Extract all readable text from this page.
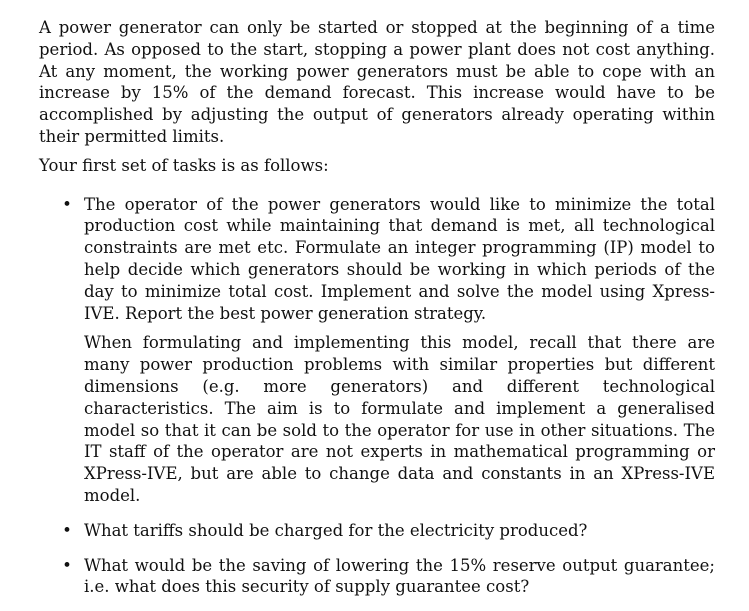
A power generator can only be started or stopped at the beginning of a time period. As opposed to the start, stopping a power plant does not cost anything. At any moment, the working power generators must be able to cope with an increase by 15% of the demand forecast. This increase would have to be accomplished by adjusting the output of generators already operating within their permitted limits.

Your first set of tasks is as follows:

• The operator of the power generators would like to minimize the total production cost while maintaining that demand is met, all technological constraints are met etc. Formulate an integer programming (IP) model to help decide which generators should be working in which periods of the day to minimize total cost. Implement and solve the model using Xpress-IVE. Report the best power generation strategy.

When formulating and implementing this model, recall that there are many power production problems with similar properties but different dimensions (e.g. more generators) and different technological characteristics. The aim is to formulate and implement a generalised model so that it can be sold to the operator for use in other situations. The IT staff of the operator are not experts in mathematical programming or XPress-IVE, but are able to change data and constants in an XPress-IVE model.

• What tariffs should be charged for the electricity produced?

• What would be the saving of lowering the 15% reserve output guarantee; i.e. what does this security of supply guarantee cost?
